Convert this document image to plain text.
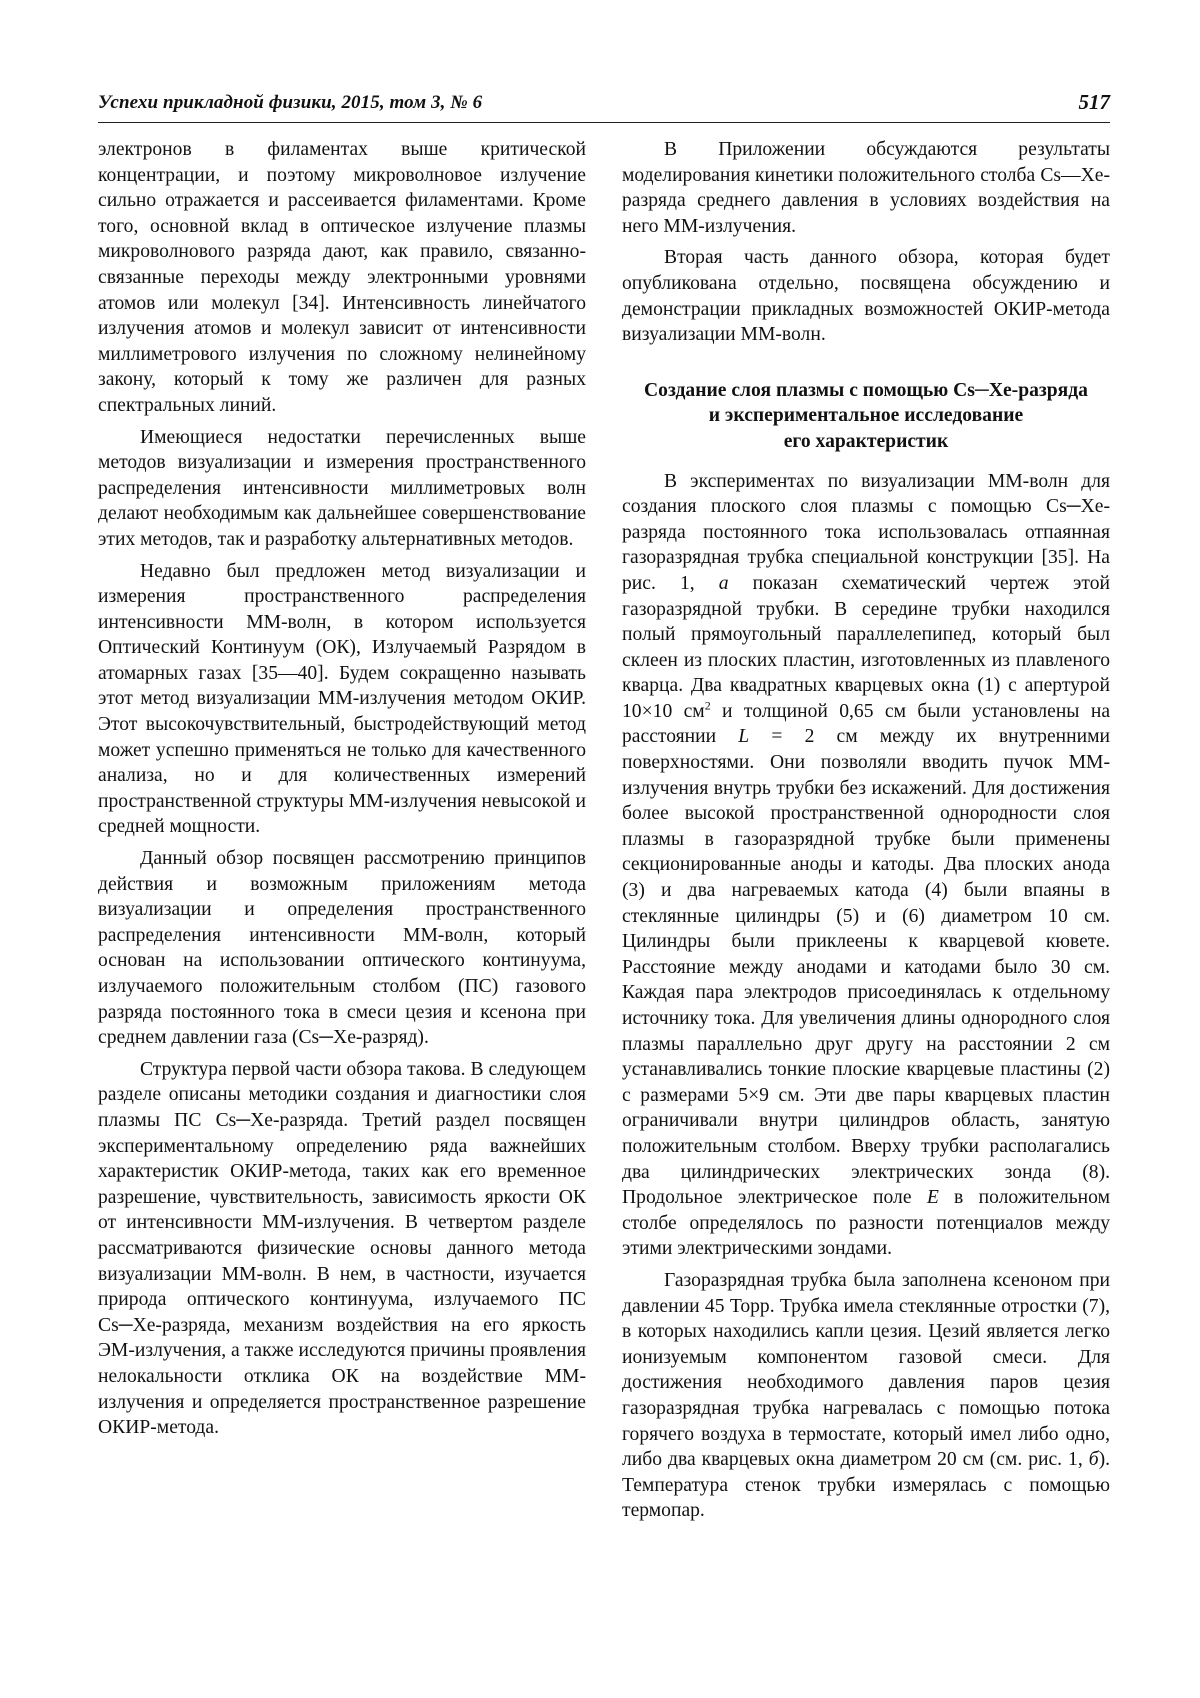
Успехи прикладной физики, 2015, том 3, № 6	517

электронов в филаментах выше критической концентрации, и поэтому микроволновое излучение сильно отражается и рассеивается филаментами. Кроме того, основной вклад в оптическое излучение плазмы микроволнового разряда дают, как правило, связанно-связанные переходы между электронными уровнями атомов или молекул [34]. Интенсивность линейчатого излучения атомов и молекул зависит от интенсивности миллиметрового излучения по сложному нелинейному закону, который к тому же различен для разных спектральных линий.

Имеющиеся недостатки перечисленных выше методов визуализации и измерения пространственного распределения интенсивности миллиметровых волн делают необходимым как дальнейшее совершенствование этих методов, так и разработку альтернативных методов.

Недавно был предложен метод визуализации и измерения пространственного распределения интенсивности ММ-волн, в котором используется Оптический Континуум (ОК), Излучаемый Разрядом в атомарных газах [35—40]. Будем сокращенно называть этот метод визуализации ММ-излучения методом ОКИР. Этот высокочувствительный, быстродействующий метод может успешно применяться не только для качественного анализа, но и для количественных измерений пространственной структуры ММ-излучения невысокой и средней мощности.

Данный обзор посвящен рассмотрению принципов действия и возможным приложениям метода визуализации и определения пространственного распределения интенсивности ММ-волн, который основан на использовании оптического континуума, излучаемого положительным столбом (ПС) газового разряда постоянного тока в смеси цезия и ксенона при среднем давлении газа (Cs─Xe-разряд).

Структура первой части обзора такова. В следующем разделе описаны методики создания и диагностики слоя плазмы ПС Cs─Xe-разряда. Третий раздел посвящен экспериментальному определению ряда важнейших характеристик ОКИР-метода, таких как его временное разрешение, чувствительность, зависимость яркости ОК от интенсивности ММ-излучения. В четвертом разделе рассматриваются физические основы данного метода визуализации ММ-волн. В нем, в частности, изучается природа оптического континуума, излучаемого ПС Cs─Xe-разряда, механизм воздействия на его яркость ЭМ-излучения, а также исследуются причины проявления нелокальности отклика ОК на воздействие ММ-излучения и определяется пространственное разрешение ОКИР-метода.

В Приложении обсуждаются результаты моделирования кинетики положительного столба Cs—Xe-разряда среднего давления в условиях воздействия на него ММ-излучения.

Вторая часть данного обзора, которая будет опубликована отдельно, посвящена обсуждению и демонстрации прикладных возможностей ОКИР-метода визуализации ММ-волн.

Создание слоя плазмы с помощью Cs─Xe-разряда
и экспериментальное исследование
его характеристик

В экспериментах по визуализации ММ-волн для создания плоского слоя плазмы с помощью Cs─Xe-разряда постоянного тока использовалась отпаянная газоразрядная трубка специальной конструкции [35]. На рис. 1, а показан схематический чертеж этой газоразрядной трубки. В середине трубки находился полый прямоугольный параллелепипед, который был склеен из плоских пластин, изготовленных из плавленого кварца. Два квадратных кварцевых окна (1) с апертурой 10×10 $см^2$ и толщиной 0,65 см были установлены на расстоянии L = 2 см между их внутренними поверхностями. Они позволяли вводить пучок ММ-излучения внутрь трубки без искажений. Для достижения более высокой пространственной однородности слоя плазмы в газоразрядной трубке были применены секционированные аноды и катоды. Два плоских анода (3) и два нагреваемых катода (4) были впаяны в стеклянные цилиндры (5) и (6) диаметром 10 см. Цилиндры были приклеены к кварцевой кювете. Расстояние между анодами и катодами было 30 см. Каждая пара электродов присоединялась к отдельному источнику тока. Для увеличения длины однородного слоя плазмы параллельно друг другу на расстоянии 2 см устанавливались тонкие плоские кварцевые пластины (2) с размерами 5×9 см. Эти две пары кварцевых пластин ограничивали внутри цилиндров область, занятую положительным столбом. Вверху трубки располагались два цилиндрических электрических зонда (8). Продольное электрическое поле E в положительном столбе определялось по разности потенциалов между этими электрическими зондами.

Газоразрядная трубка была заполнена ксеноном при давлении 45 Торр. Трубка имела стеклянные отростки (7), в которых находились капли цезия. Цезий является легко ионизуемым компонентом газовой смеси. Для достижения необходимого давления паров цезия газоразрядная трубка нагревалась с помощью потока горячего воздуха в термостате, который имел либо одно, либо два кварцевых окна диаметром 20 см (см. рис. 1, б). Температура стенок трубки измерялась с помощью термопар.
